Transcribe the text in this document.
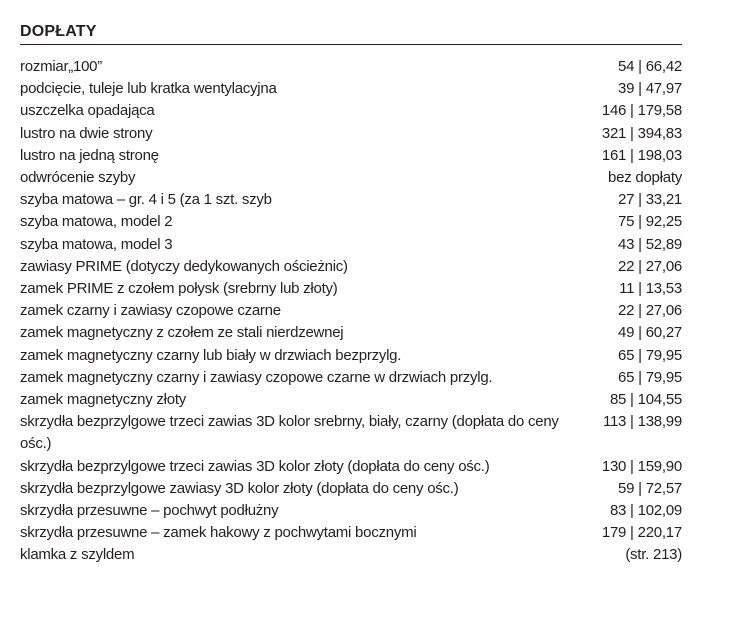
DOPŁATY
rozmiar„100”	54 | 66,42
podcięcie, tuleje lub kratka wentylacyjna	39 | 47,97
uszczelka opadająca	146 | 179,58
lustro na dwie strony	321 | 394,83
lustro na jedną stronę	161 | 198,03
odwrócenie szyby	bez dopłaty
szyba matowa – gr. 4 i 5 (za 1 szt. szyb	27 | 33,21
szyba matowa, model 2	75 | 92,25
szyba matowa, model 3	43 | 52,89
zawiasy PRIME (dotyczy dedykowanych ościeżnic)	22 | 27,06
zamek PRIME z czołem połysk (srebrny lub złoty)	11 | 13,53
zamek czarny i zawiasy czopowe czarne	22 | 27,06
zamek magnetyczny z czołem ze stali nierdzewnej	49 | 60,27
zamek magnetyczny czarny lub biały w drzwiach bezprzylg.	65 | 79,95
zamek magnetyczny czarny i zawiasy czopowe czarne w drzwiach przylg.	65 | 79,95
zamek magnetyczny złoty	85 | 104,55
skrzydła bezprzylgowe trzeci zawias 3D kolor srebrny, biały, czarny (dopłata do ceny ośc.)
113 | 138,99
skrzydła bezprzylgowe trzeci zawias 3D kolor złoty (dopłata do ceny ośc.)	130 | 159,90
skrzydła bezprzylgowe zawiasy 3D kolor złoty (dopłata do ceny ośc.)	59 | 72,57
skrzydła przesuwne – pochwyt podłużny	83 | 102,09
skrzydła przesuwne – zamek hakowy z pochwytami bocznymi	179 | 220,17
klamka z szyldem	(str. 213)
